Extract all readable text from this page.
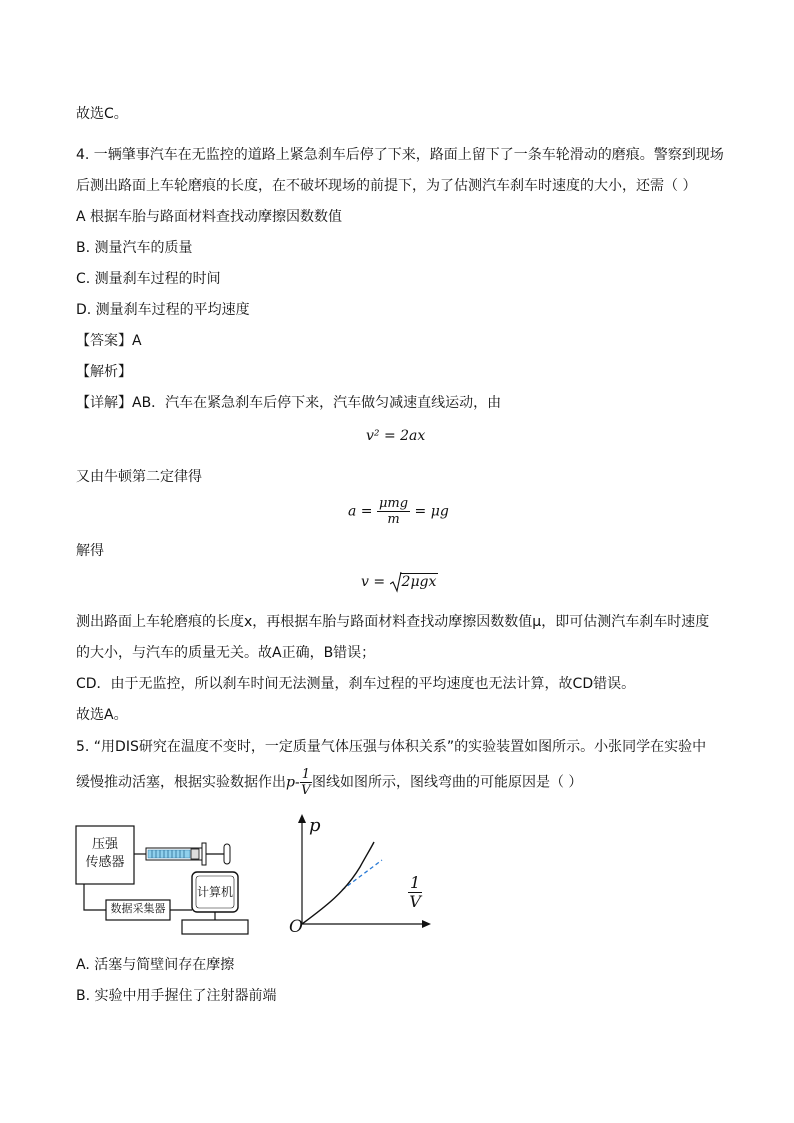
故选C。
4. 一辆肇事汽车在无监控的道路上紧急刹车后停了下来，路面上留下了一条车轮滑动的磨痕。警察到现场
后测出路面上车轮磨痕的长度，在不破坏现场的前提下，为了估测汽车刹车时速度的大小，还需（ ）
A 根据车胎与路面材料查找动摩擦因数数值
B. 测量汽车的质量
C. 测量刹车过程的时间
D. 测量刹车过程的平均速度
【答案】A
【解析】
【详解】AB．汽车在紧急刹车后停下来，汽车做匀减速直线运动，由
v² = 2ax
又由牛顿第二定律得
$a = \frac{\text{μmg}}{m} = \mu g$
解得
v = 2μgx
测出路面上车轮磨痕的长度x，再根据车胎与路面材料查找动摩擦因数数值μ，即可估测汽车刹车时速度
的大小，与汽车的质量无关。故A正确，B错误；
CD．由于无监控，所以刹车时间无法测量，刹车过程的平均速度也无法计算，故CD错误。
故选A。
5. “用DIS研究在温度不变时，一定质量气体压强与体积关系”的实验装置如图所示。小张同学在实验中
缓慢推动活塞，根据实验数据作出$p- \frac{1}{V}$ 图线如图所示，图线弯曲的可能原因是（ ）
压强
传感器
数据采集器
计算机
p
O
$\frac{1}{V}$
A. 活塞与简壁间存在摩擦
B. 实验中用手握住了注射器前端
